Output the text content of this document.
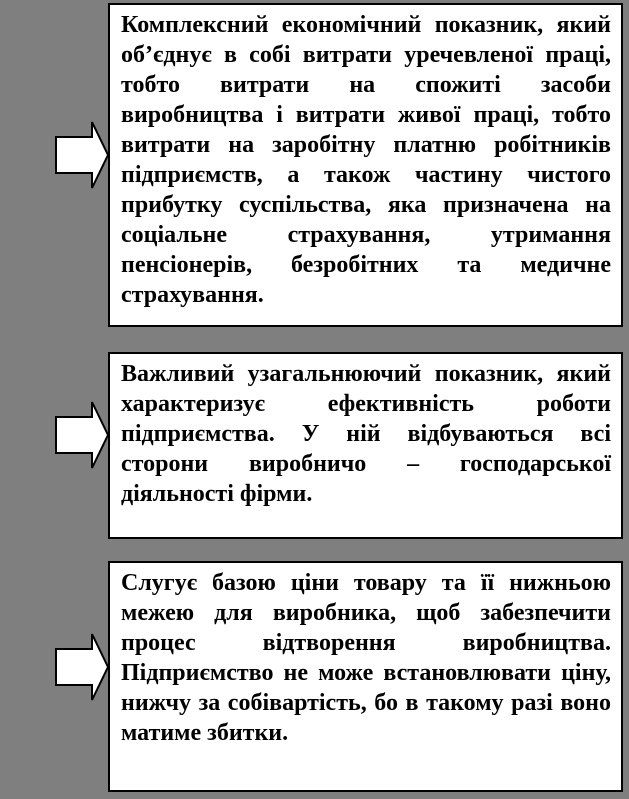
Комплексний економічний показник, який об’єднує в собі витрати уречевленої праці, тобто витрати на спожиті засоби виробництва і витрати живої праці, тобто витрати на заробітну платню робітників підприємств, а також частину чистого прибутку суспільства, яка призначена на соціальне страхування, утримання пенсіонерів, безробітних та медичне страхування.

Важливий узагальнюючий показник, який характеризує ефективність роботи підприємства. У ній відбуваються всі сторони виробничо – господарської діяльності фірми.

Слугує базою ціни товару та її нижньою межею для виробника, щоб забезпечити процес відтворення виробництва. Підприємство не може встановлювати ціну, нижчу за собівартість, бо в такому разі воно матиме збитки.
